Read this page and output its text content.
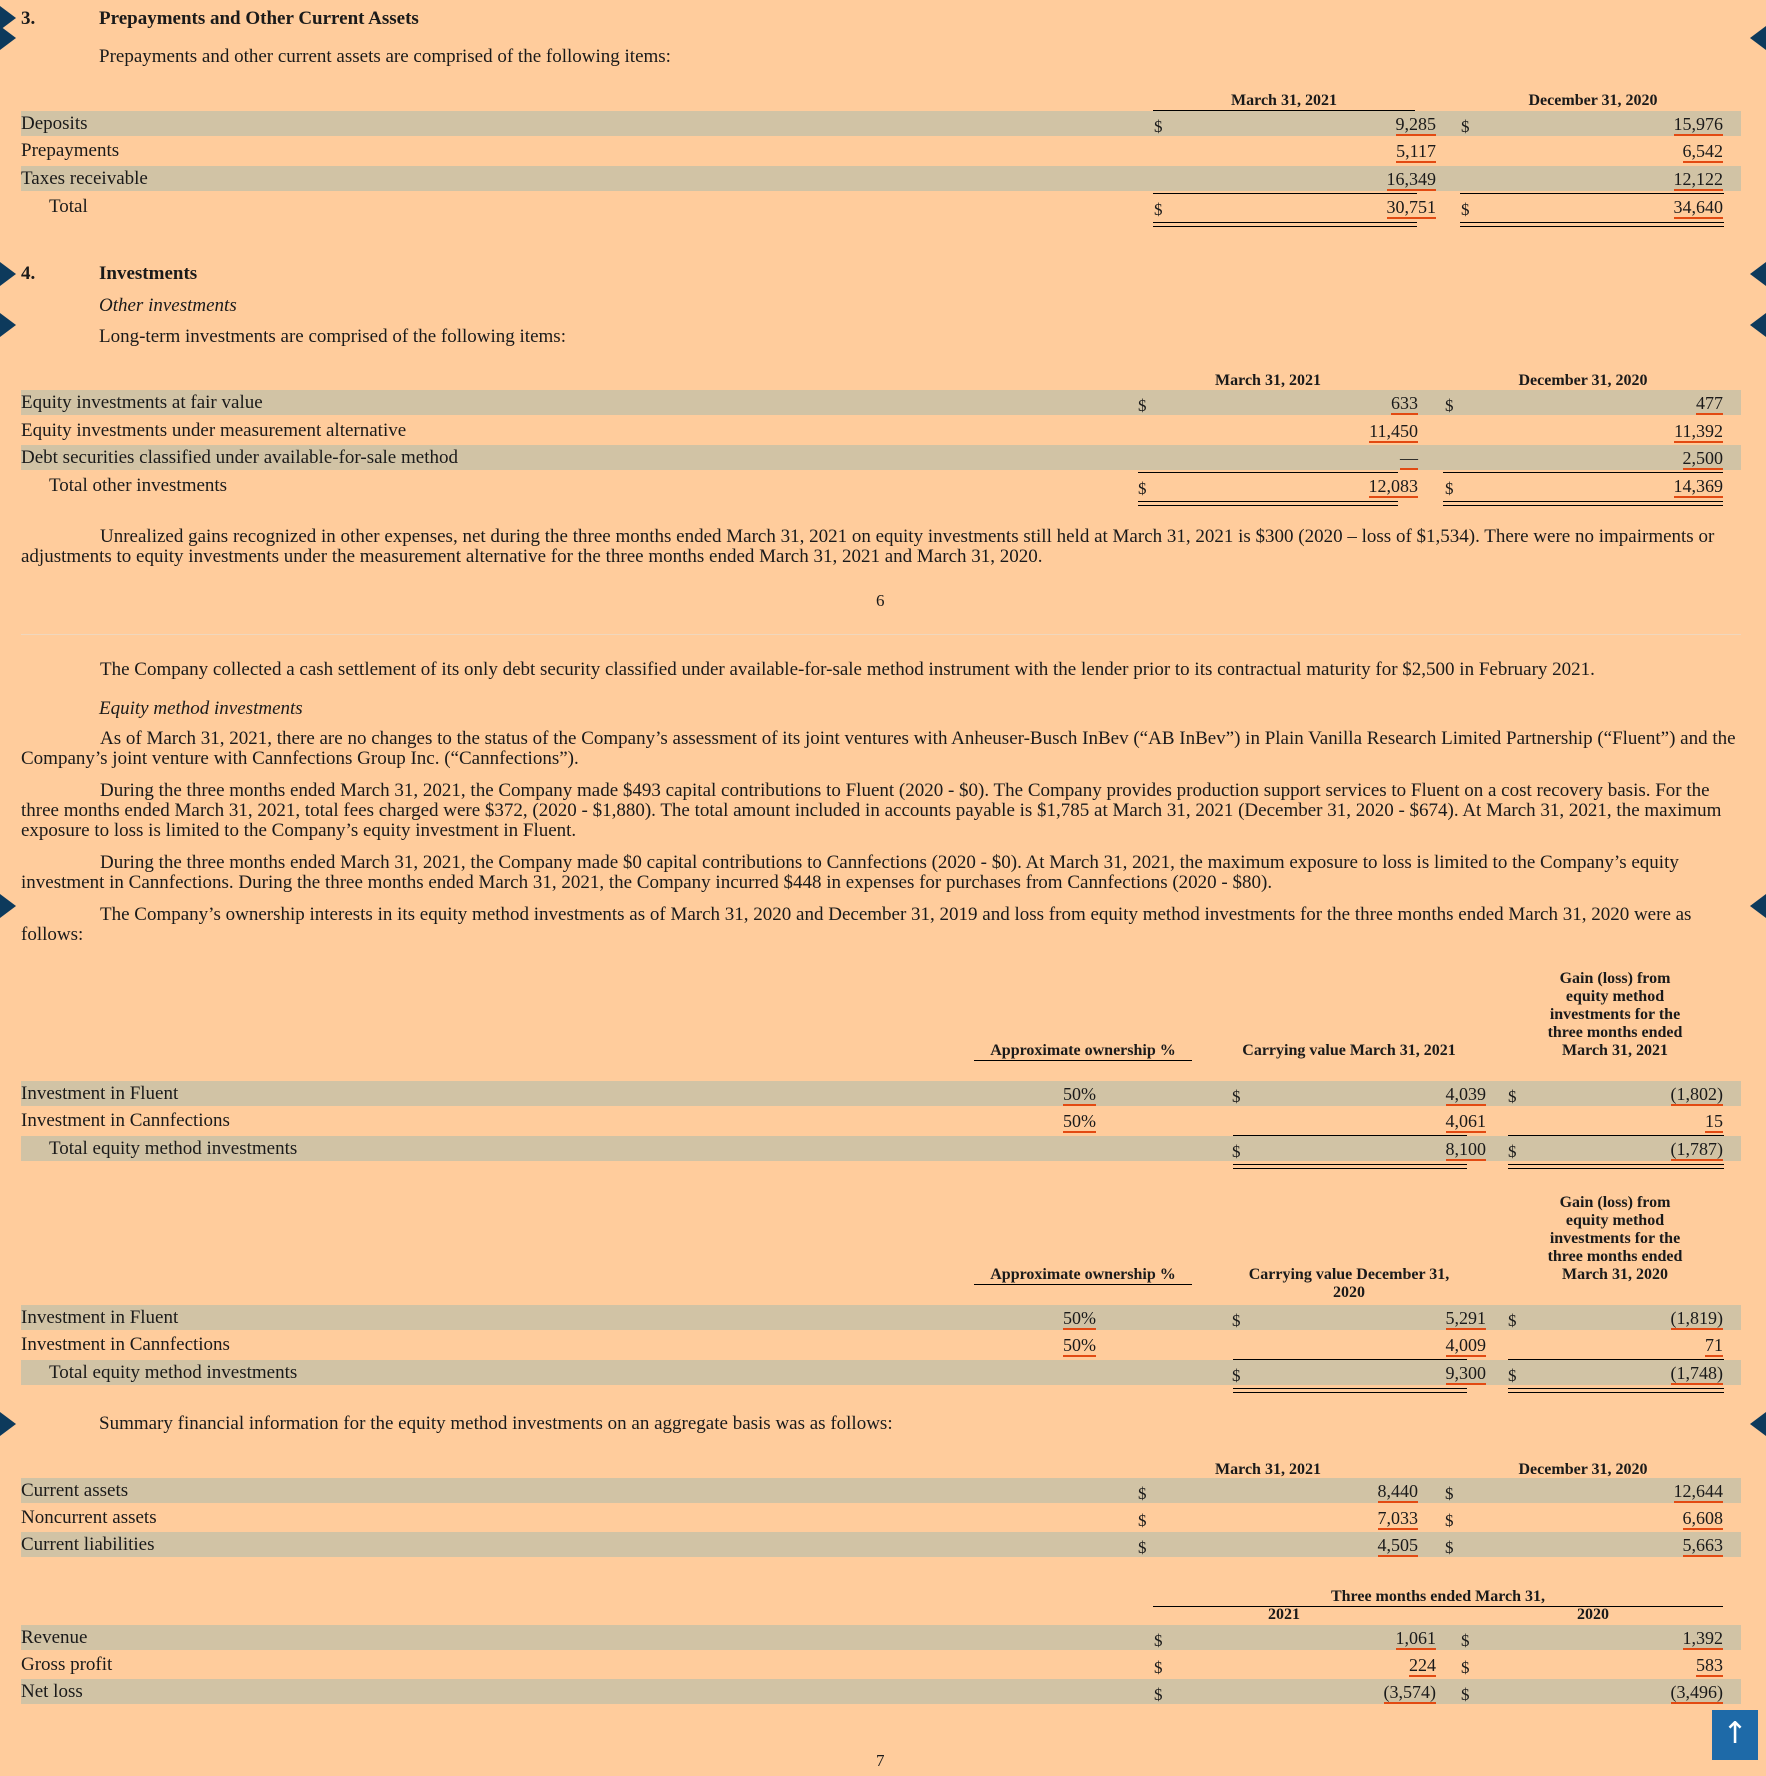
3.	Prepayments and Other Current Assets
Prepayments and other current assets are comprised of the following items:
March 31, 2021	December 31, 2020
Deposits	$	9,285 $	15,976
Prepayments	5,117	6,542
Taxes receivable	16,349	12,122
Total	$	30,751 $	34,640
4.	Investments
Other investments
Long-term investments are comprised of the following items:
March 31, 2021	December 31, 2020
Equity investments at fair value	$	633 $	477
Equity investments under measurement alternative	11,450	11,392
Debt securities classified under available-for-sale method	—	2,500
Total other investments	$	12,083 $	14,369
Unrealized gains recognized in other expenses, net during the three months ended March 31, 2021 on equity investments still held at March 31, 2021 is $300 (2020 – loss of $1,534). There were no impairments or adjustments to equity investments under the measurement alternative for the three months ended March 31, 2021 and March 31, 2020.
6
The Company collected a cash settlement of its only debt security classified under available-for-sale method instrument with the lender prior to its contractual maturity for $2,500 in February 2021.
Equity method investments
As of March 31, 2021, there are no changes to the status of the Company’s assessment of its joint ventures with Anheuser-Busch InBev (“AB InBev”) in Plain Vanilla Research Limited Partnership (“Fluent”) and the Company’s joint venture with Cannfections Group Inc. (“Cannfections”).
During the three months ended March 31, 2021, the Company made $493 capital contributions to Fluent (2020 - $0). The Company provides production support services to Fluent on a cost recovery basis. For the three months ended March 31, 2021, total fees charged were $372, (2020 - $1,880). The total amount included in accounts payable is $1,785 at March 31, 2021 (December 31, 2020 - $674). At March 31, 2021, the maximum exposure to loss is limited to the Company’s equity investment in Fluent.
During the three months ended March 31, 2021, the Company made $0 capital contributions to Cannfections (2020 - $0). At March 31, 2021, the maximum exposure to loss is limited to the Company’s equity investment in Cannfections. During the three months ended March 31, 2021, the Company incurred $448 in expenses for purchases from Cannfections (2020 - $80).
The Company’s ownership interests in its equity method investments as of March 31, 2020 and December 31, 2019 and loss from equity method investments for the three months ended March 31, 2020 were as follows:
Approximate ownership %	Carrying value March 31, 2021
Gain (loss) from equity method investments for the three months ended March 31, 2021
Investment in Fluent	50%	$	4,039 $	(1,802)
Investment in Cannfections	50%	4,061	15
Total equity method investments	$	8,100 $	(1,787)
Approximate ownership %	Carrying value December 31, 2020
Gain (loss) from equity method investments for the three months ended March 31, 2020
Investment in Fluent	50%	$	5,291 $	(1,819)
Investment in Cannfections	50%	4,009	71
Total equity method investments	$	9,300 $	(1,748)
Summary financial information for the equity method investments on an aggregate basis was as follows:
March 31, 2021	December 31, 2020
Current assets	$	8,440 $	12,644
Noncurrent assets	$	7,033 $	6,608
Current liabilities	$	4,505 $	5,663
Three months ended March 31,
2021	2020
Revenue	$	1,061 $	1,392
Gross profit	$	224 $	583
Net loss	$	(3,574) $	(3,496)
7
↑
